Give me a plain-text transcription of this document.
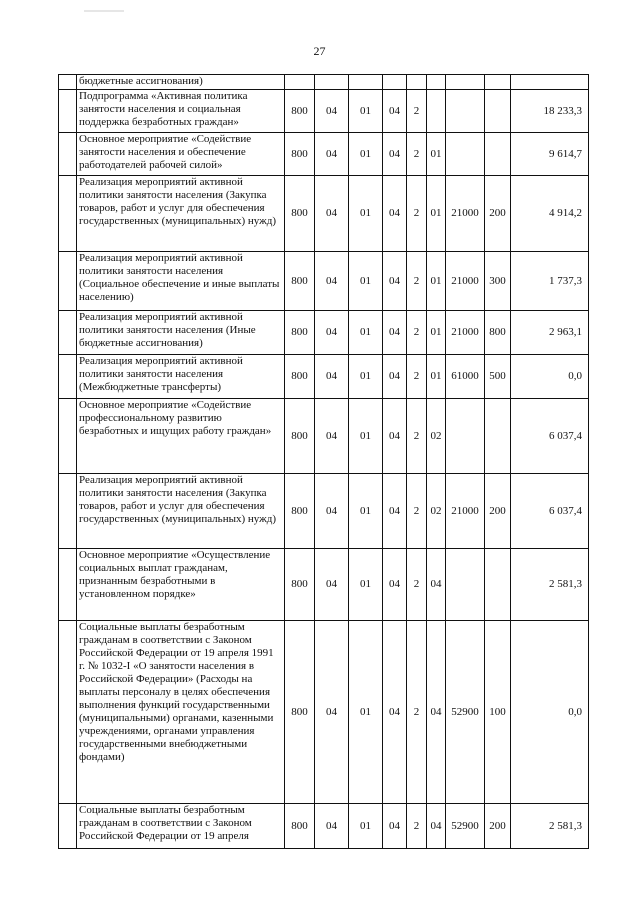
27
	бюджетные ассигнования)									
	Подпрограмма «Активная политика занятости населения и социальная поддержка безработных граждан»	800	04	01	04	2				18 233,3
	Основное мероприятие «Содействие занятости населения и обеспечение работодателей рабочей силой»	800	04	01	04	2	01			9 614,7
	Реализация мероприятий активной политики занятости населения (Закупка товаров, работ и услуг для обеспечения государственных (муниципальных) нужд)	800	04	01	04	2	01	21000	200	4 914,2
	Реализация мероприятий активной политики занятости населения (Социальное обеспечение и иные выплаты населению)	800	04	01	04	2	01	21000	300	1 737,3
	Реализация мероприятий активной политики занятости населения (Иные бюджетные ассигнования)	800	04	01	04	2	01	21000	800	2 963,1
	Реализация мероприятий активной политики занятости населения (Межбюджетные трансферты)	800	04	01	04	2	01	61000	500	0,0
	Основное мероприятие «Содействие профессиональному развитию безработных и ищущих работу граждан»	800	04	01	04	2	02			6 037,4
	Реализация мероприятий активной политики занятости населения (Закупка товаров, работ и услуг для обеспечения государственных (муниципальных) нужд)	800	04	01	04	2	02	21000	200	6 037,4
	Основное мероприятие «Осуществление социальных выплат гражданам, признанным безработными в установленном порядке»	800	04	01	04	2	04			2 581,3
	Социальные выплаты безработным гражданам в соответствии с Законом Российской Федерации от 19 апреля 1991 г. № 1032-I «О занятости населения в Российской Федерации» (Расходы на выплаты персоналу в целях обеспечения выполнения функций государственными (муниципальными) органами, казенными учреждениями, органами управления государственными внебюджетными фондами)	800	04	01	04	2	04	52900	100	0,0
	Социальные выплаты безработным гражданам в соответствии с Законом Российской Федерации от 19 апреля	800	04	01	04	2	04	52900	200	2 581,3
